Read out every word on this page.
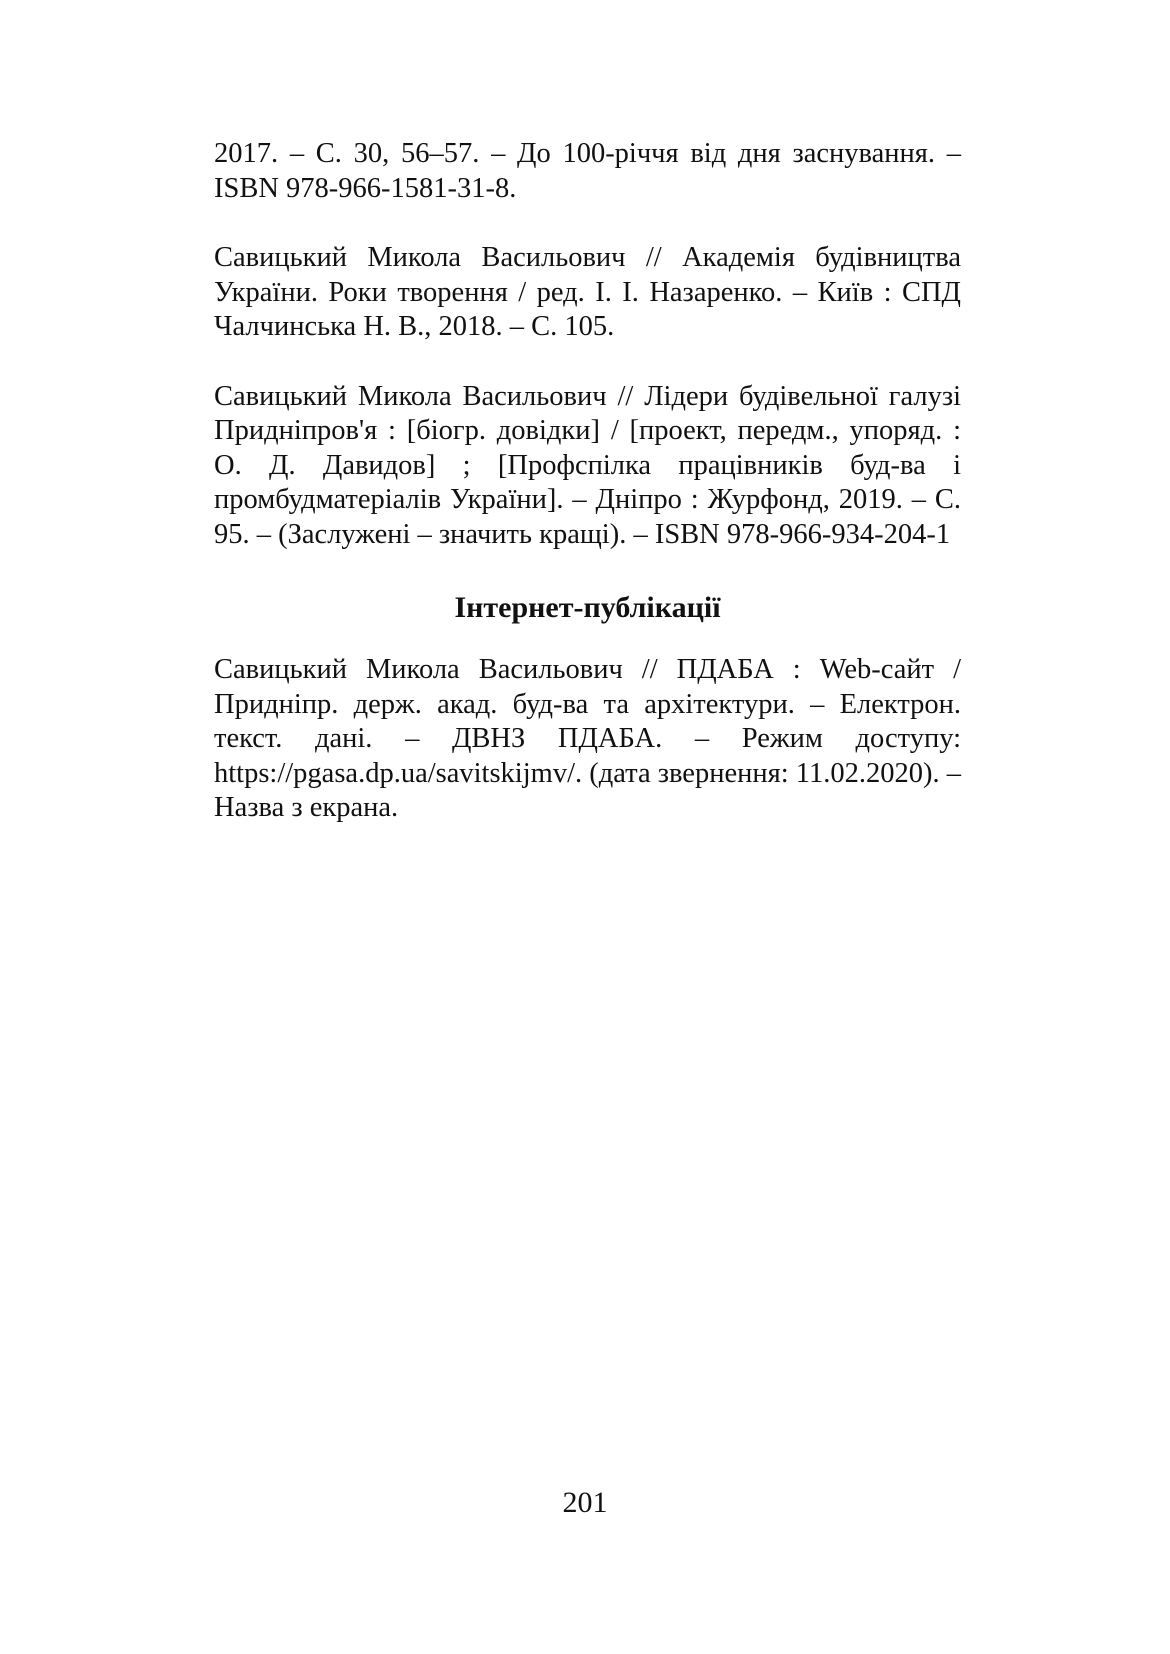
2017. – С. 30, 56–57. – До 100-річчя від дня заснування. – ISBN 978-966-1581-31-8.

Савицький Микола Васильович // Академія будівництва України. Роки творення / ред. І. І. Назаренко. – Київ : СПД Чалчинська Н. В., 2018. – С. 105.

Савицький Микола Васильович // Лідери будівельної галузі Придніпров'я : [біогр. довідки] / [проект, передм., упоряд. : О. Д. Давидов] ; [Профспілка працівників буд-ва і промбудматеріалів України]. – Дніпро : Журфонд, 2019. – С. 95. – (Заслужені – значить кращі). – ISBN 978-966-934-204-1

Інтернет-публікації

Савицький Микола Васильович // ПДАБА : Web-сайт / Придніпр. держ. акад. буд-ва та архітектури. – Електрон. текст. дані. – ДВНЗ ПДАБА. – Режим доступу: https://pgasa.dp.ua/savitskijmv/. (дата звернення: 11.02.2020). – Назва з екрана.

201
